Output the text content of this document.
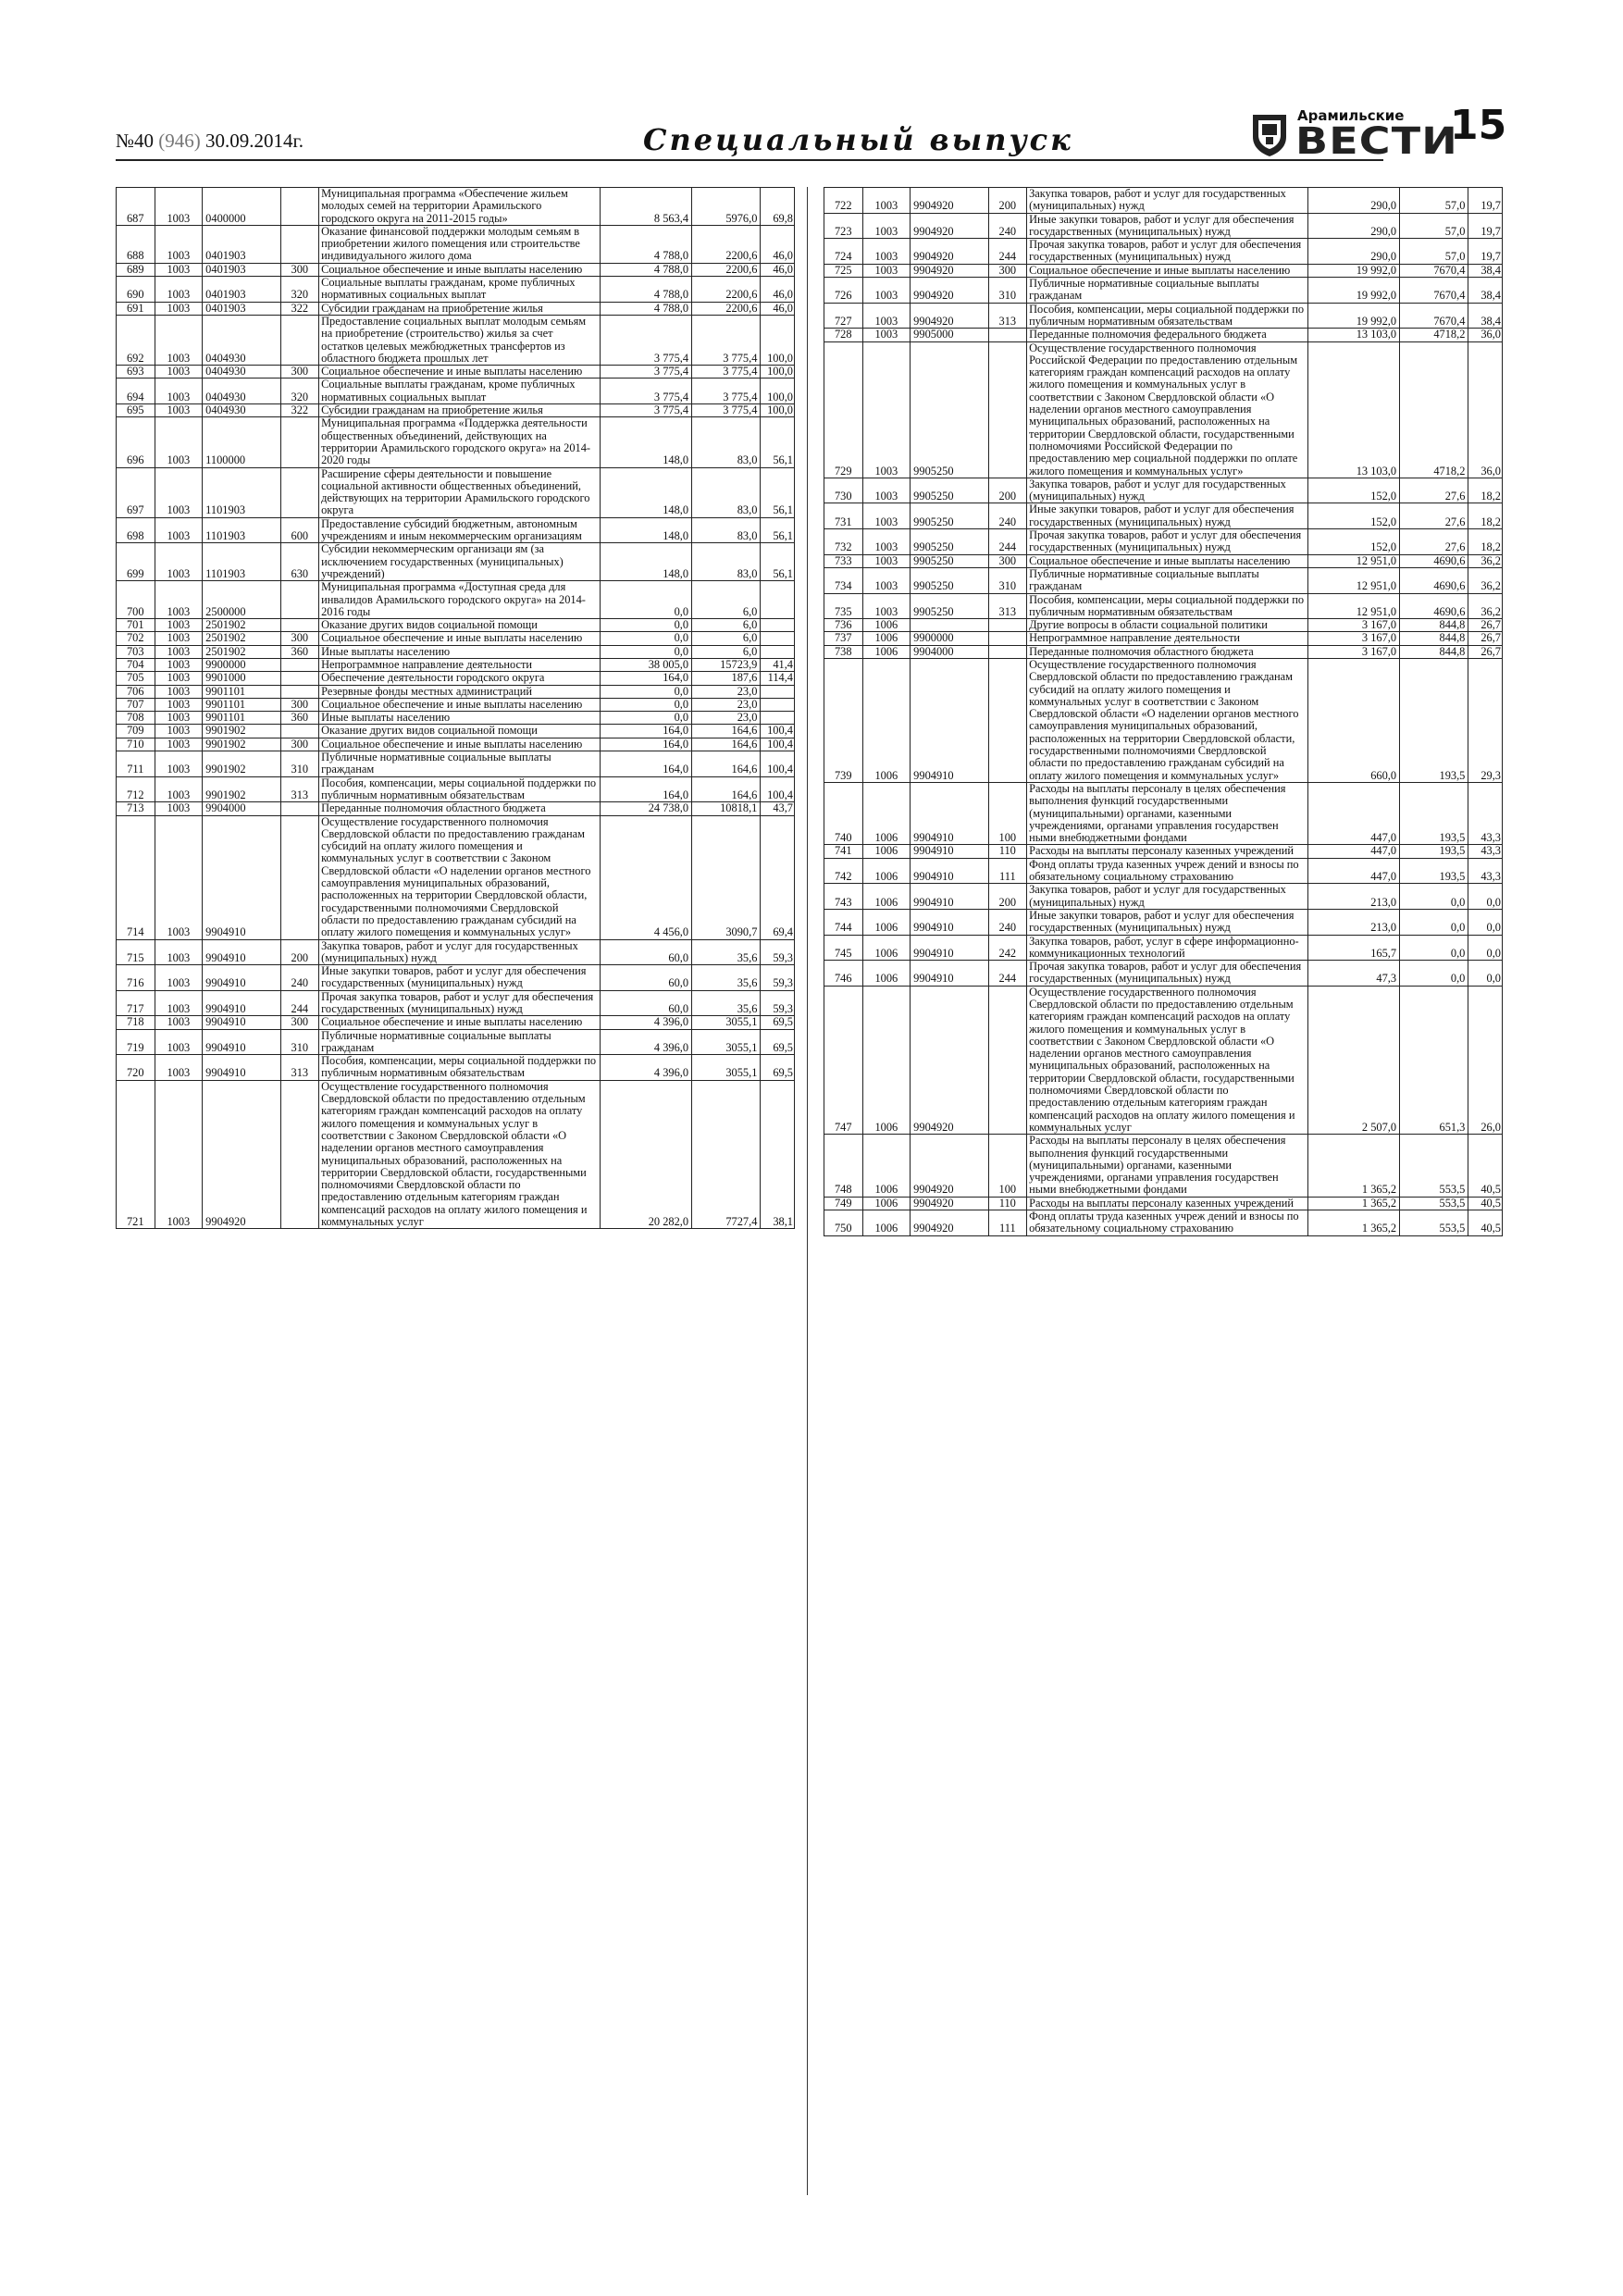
№40 (946) 30.09.2014г.	Специальный выпуск
Арамильские
ВЕСТИ
15
687	1003	0400000		Муниципальная программа «Обеспечение жильем молодых семей на территории Арамильского городского округа на 2011-2015 годы»	8 563,4	5976,0	69,8
688	1003	0401903		Оказание финансовой поддержки молодым семьям в приобретении жилого помещения или строительстве индивидуального жилого дома	4 788,0	2200,6	46,0
689	1003	0401903	300	Социальное обеспечение и иные выплаты населению	4 788,0	2200,6	46,0
690	1003	0401903	320	Социальные выплаты гражданам, кроме публичных нормативных социальных выплат	4 788,0	2200,6	46,0
691	1003	0401903	322	Субсидии гражданам на приобретение жилья	4 788,0	2200,6	46,0
692	1003	0404930		Предоставление социальных выплат молодым семьям на приобретение (строительство) жилья за счет остатков целевых межбюджетных трансфертов из областного бюджета прошлых лет	3 775,4	3 775,4	100,0
693	1003	0404930	300	Социальное обеспечение и иные выплаты населению	3 775,4	3 775,4	100,0
694	1003	0404930	320	Социальные выплаты гражданам, кроме публичных нормативных социальных выплат	3 775,4	3 775,4	100,0
695	1003	0404930	322	Субсидии гражданам на приобретение жилья	3 775,4	3 775,4	100,0
696	1003	1100000		Муниципальная программа «Поддержка деятельности общественных объединений, действующих на территории Арамильского городского округа» на 2014-2020 годы	148,0	83,0	56,1
697	1003	1101903		Расширение сферы деятельности и повышение социальной активности общественных объединений, действующих на территории Арамильского городского округа	148,0	83,0	56,1
698	1003	1101903	600	Предоставление субсидий бюджетным, автономным учреждениям и иным некоммерческим организациям	148,0	83,0	56,1
699	1003	1101903	630	Субсидии некоммерческим организаци ям (за исключением государственных (муниципальных) учреждений)	148,0	83,0	56,1
700	1003	2500000		Муниципальная программа «Доступная среда для инвалидов Арамильского городского округа» на 2014-2016 годы	0,0	6,0	
701	1003	2501902		Оказание других видов социальной помощи	0,0	6,0	
702	1003	2501902	300	Социальное обеспечение и иные выплаты населению	0,0	6,0	
703	1003	2501902	360	Иные выплаты населению	0,0	6,0	
704	1003	9900000		Непрограммное направление деятельности	38 005,0	15723,9	41,4
705	1003	9901000		Обеспечение деятельности городского округа	164,0	187,6	114,4
706	1003	9901101		Резервные фонды местных администраций	0,0	23,0	
707	1003	9901101	300	Социальное обеспечение и иные выплаты населению	0,0	23,0	
708	1003	9901101	360	Иные выплаты населению	0,0	23,0	
709	1003	9901902		Оказание других видов социальной помощи	164,0	164,6	100,4
710	1003	9901902	300	Социальное обеспечение и иные выплаты населению	164,0	164,6	100,4
711	1003	9901902	310	Публичные нормативные социальные выплаты гражданам	164,0	164,6	100,4
712	1003	9901902	313	Пособия, компенсации, меры социальной поддержки по публичным нормативным обязательствам	164,0	164,6	100,4
713	1003	9904000		Переданные полномочия областного бюджета	24 738,0	10818,1	43,7
714	1003	9904910		Осуществление государственного полномочия Свердловской области по предоставлению гражданам субсидий на оплату жилого помещения и коммунальных услуг в соответствии с Законом Свердловской области «О наделении органов местного самоуправления муниципальных образований, расположенных на территории Свердловской области, государственными полномочиями Свердловской области по предоставлению гражданам субсидий на оплату жилого помещения и коммунальных услуг»	4 456,0	3090,7	69,4
715	1003	9904910	200	Закупка товаров, работ и услуг для государственных (муниципальных) нужд	60,0	35,6	59,3
716	1003	9904910	240	Иные закупки товаров, работ и услуг для обеспечения государственных (муниципальных) нужд	60,0	35,6	59,3
717	1003	9904910	244	Прочая закупка товаров, работ и услуг для обеспечения государственных (муниципальных) нужд	60,0	35,6	59,3
718	1003	9904910	300	Социальное обеспечение и иные выплаты населению	4 396,0	3055,1	69,5
719	1003	9904910	310	Публичные нормативные социальные выплаты гражданам	4 396,0	3055,1	69,5
720	1003	9904910	313	Пособия, компенсации, меры социальной поддержки по публичным нормативным обязательствам	4 396,0	3055,1	69,5
721	1003	9904920		Осуществление государственного полномочия Свердловской области по предоставлению отдельным категориям граждан компенсаций расходов на оплату жилого помещения и коммунальных услуг в соответствии с Законом Свердловской области «О наделении органов местного самоуправления муниципальных образований, расположенных на территории Свердловской области, государственными полномочиями Свердловской области по предоставлению отдельным категориям граждан компенсаций расходов на оплату жилого помещения и коммунальных услуг	20 282,0	7727,4	38,1
722	1003	9904920	200	Закупка товаров, работ и услуг для государственных (муниципальных) нужд	290,0	57,0	19,7
723	1003	9904920	240	Иные закупки товаров, работ и услуг для обеспечения государственных (муниципальных) нужд	290,0	57,0	19,7
724	1003	9904920	244	Прочая закупка товаров, работ и услуг для обеспечения государственных (муниципальных) нужд	290,0	57,0	19,7
725	1003	9904920	300	Социальное обеспечение и иные выплаты населению	19 992,0	7670,4	38,4
726	1003	9904920	310	Публичные нормативные социальные выплаты гражданам	19 992,0	7670,4	38,4
727	1003	9904920	313	Пособия, компенсации, меры социальной поддержки по публичным нормативным обязательствам	19 992,0	7670,4	38,4
728	1003	9905000		Переданные полномочия федерального бюджета	13 103,0	4718,2	36,0
729	1003	9905250		Осуществление государственного полномочия Российской Федерации по предоставлению отдельным категориям граждан компенсаций расходов на оплату жилого помещения и коммунальных услуг в соответствии с Законом Свердловской области «О наделении органов местного самоуправления муниципальных образований, расположенных на территории Свердловской области, государственными полномочиями Российской Федерации по предоставлению мер социальной поддержки по оплате жилого помещения и коммунальных услуг»	13 103,0	4718,2	36,0
730	1003	9905250	200	Закупка товаров, работ и услуг для государственных (муниципальных) нужд	152,0	27,6	18,2
731	1003	9905250	240	Иные закупки товаров, работ и услуг для обеспечения государственных (муниципальных) нужд	152,0	27,6	18,2
732	1003	9905250	244	Прочая закупка товаров, работ и услуг для обеспечения государственных (муниципальных) нужд	152,0	27,6	18,2
733	1003	9905250	300	Социальное обеспечение и иные выплаты населению	12 951,0	4690,6	36,2
734	1003	9905250	310	Публичные нормативные социальные выплаты гражданам	12 951,0	4690,6	36,2
735	1003	9905250	313	Пособия, компенсации, меры социальной поддержки по публичным нормативным обязательствам	12 951,0	4690,6	36,2
736	1006			Другие вопросы в области социальной политики	3 167,0	844,8	26,7
737	1006	9900000		Непрограммное направление деятельности	3 167,0	844,8	26,7
738	1006	9904000		Переданные полномочия областного бюджета	3 167,0	844,8	26,7
739	1006	9904910		Осуществление государственного полномочия Свердловской области по предоставлению гражданам субсидий на оплату жилого помещения и коммунальных услуг в соответствии с Законом Свердловской области «О наделении органов местного самоуправления муниципальных образований, расположенных на территории Свердловской области, государственными полномочиями Свердловской области по предоставлению гражданам субсидий на оплату жилого помещения и коммунальных услуг»	660,0	193,5	29,3
740	1006	9904910	100	Расходы на выплаты персоналу в целях обеспечения выполнения функций государственными (муниципальными) органами, казенными учреждениями, органами управления государствен ными внебюджетными фондами	447,0	193,5	43,3
741	1006	9904910	110	Расходы на выплаты персоналу казенных учреждений	447,0	193,5	43,3
742	1006	9904910	111	Фонд оплаты труда казенных учреж дений и взносы по обязательному социальному страхованию	447,0	193,5	43,3
743	1006	9904910	200	Закупка товаров, работ и услуг для государственных (муниципальных) нужд	213,0	0,0	0,0
744	1006	9904910	240	Иные закупки товаров, работ и услуг для обеспечения государственных (муниципальных) нужд	213,0	0,0	0,0
745	1006	9904910	242	Закупка товаров, работ, услуг в сфере информационно-коммуникационных технологий	165,7	0,0	0,0
746	1006	9904910	244	Прочая закупка товаров, работ и услуг для обеспечения государственных (муниципальных) нужд	47,3	0,0	0,0
747	1006	9904920		Осуществление государственного полномочия Свердловской области по предоставлению отдельным категориям граждан компенсаций расходов на оплату жилого помещения и коммунальных услуг в соответствии с Законом Свердловской области «О наделении органов местного самоуправления муниципальных образований, расположенных на территории Свердловской области, государственными полномочиями Свердловской области по предоставлению отдельным категориям граждан компенсаций расходов на оплату жилого помещения и коммунальных услуг	2 507,0	651,3	26,0
748	1006	9904920	100	Расходы на выплаты персоналу в целях обеспечения выполнения функций государственными (муниципальными) органами, казенными учреждениями, органами управления государствен ными внебюджетными фондами	1 365,2	553,5	40,5
749	1006	9904920	110	Расходы на выплаты персоналу казенных учреждений	1 365,2	553,5	40,5
750	1006	9904920	111	Фонд оплаты труда казенных учреж дений и взносы по обязательному социальному страхованию	1 365,2	553,5	40,5
